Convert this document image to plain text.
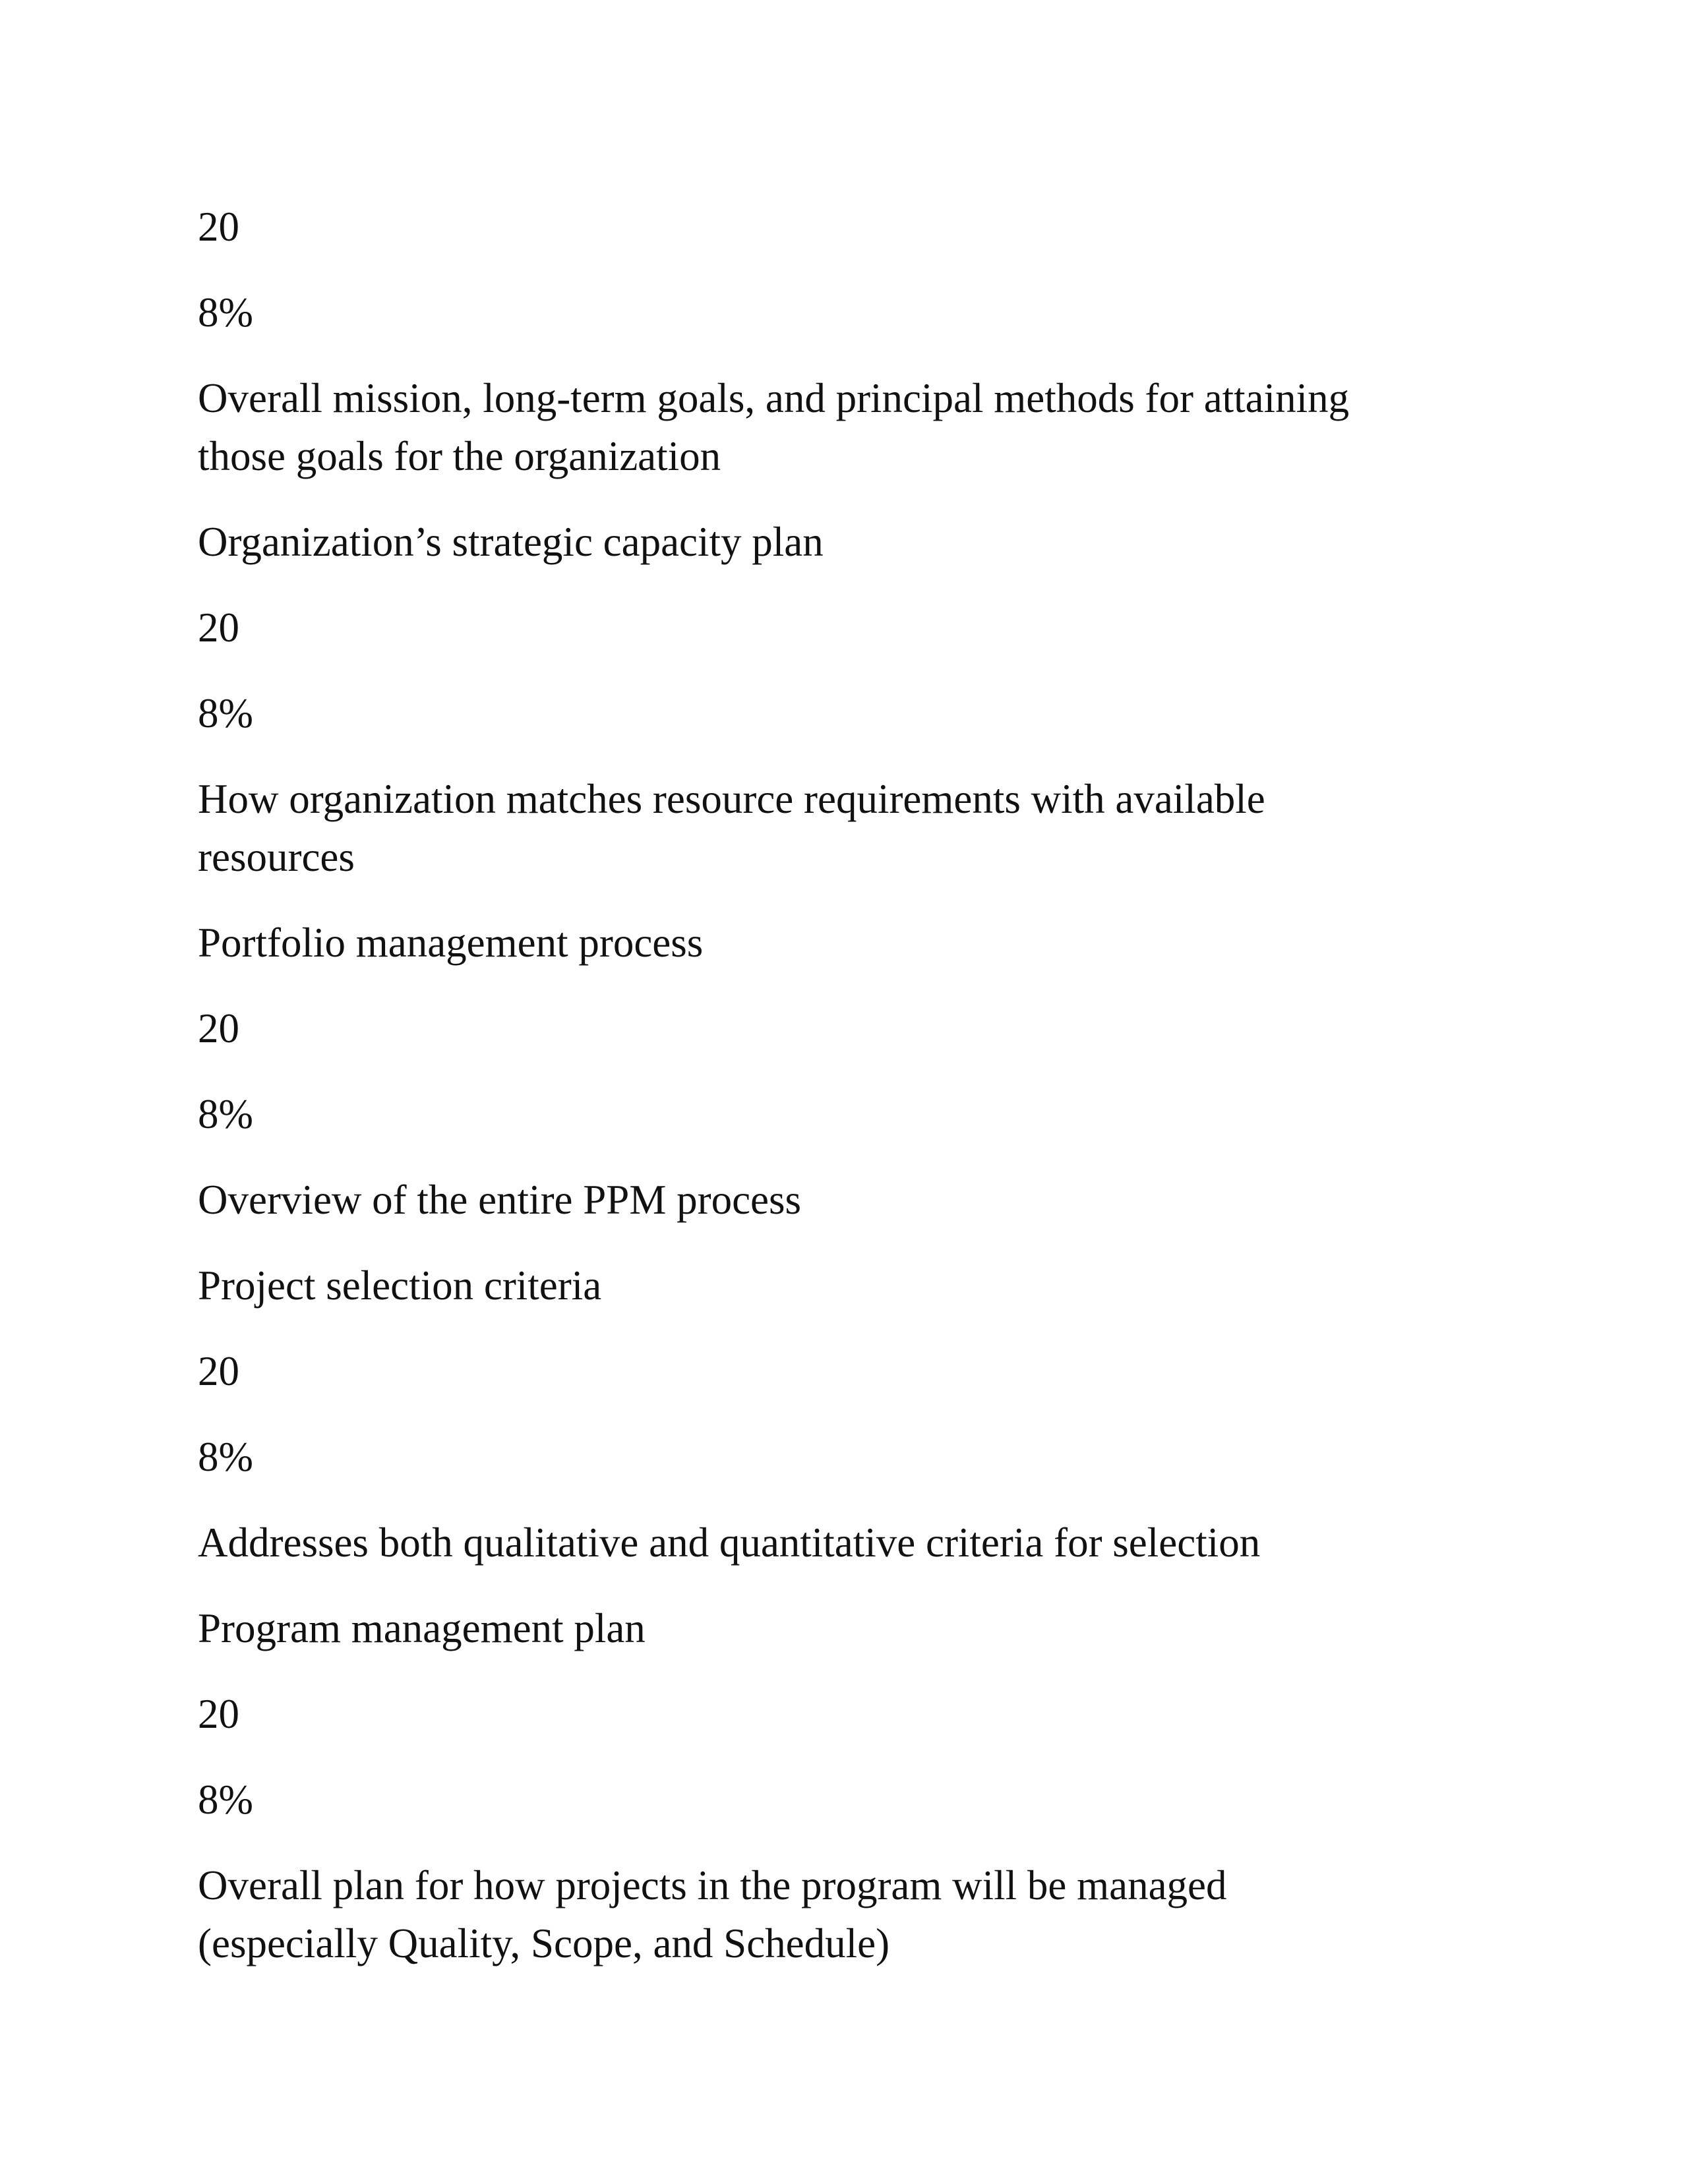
20

8%

Overall mission, long-term goals, and principal methods for attaining
those goals for the organization

Organization’s strategic capacity plan

20

8%

How organization matches resource requirements with available
resources

Portfolio management process

20

8%

Overview of the entire PPM process

Project selection criteria

20

8%

Addresses both qualitative and quantitative criteria for selection

Program management plan

20

8%

Overall plan for how projects in the program will be managed
(especially Quality, Scope, and Schedule)
